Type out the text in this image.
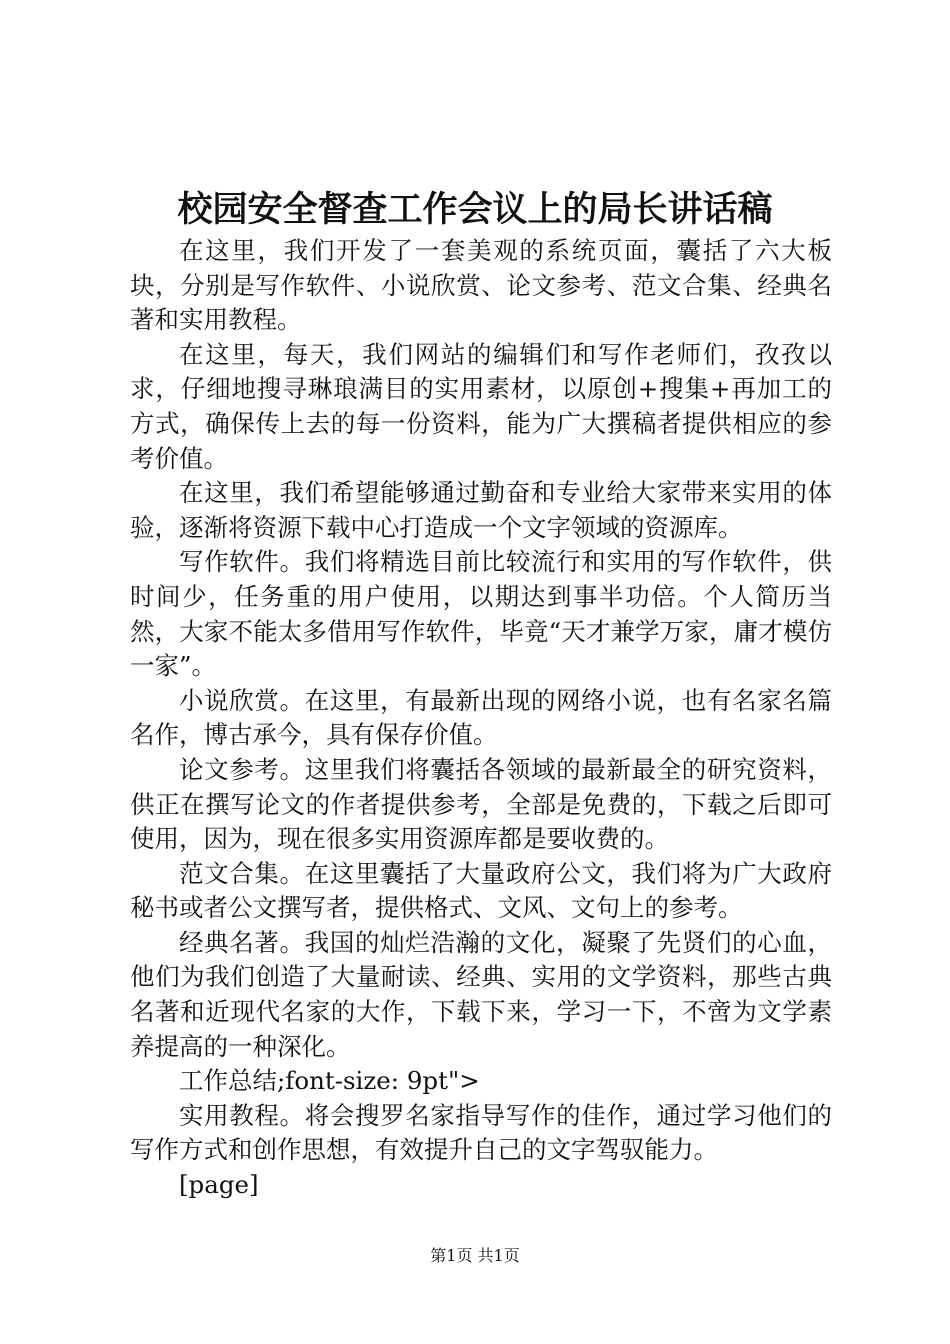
校园安全督查工作会议上的局长讲话稿

在这里，我们开发了一套美观的系统页面，囊括了六大板块，分别是写作软件、小说欣赏、论文参考、范文合集、经典名著和实用教程。

在这里，每天，我们网站的编辑们和写作老师们，孜孜以求，仔细地搜寻琳琅满目的实用素材，以原创+搜集+再加工的方式，确保传上去的每一份资料，能为广大撰稿者提供相应的参考价值。

在这里，我们希望能够通过勤奋和专业给大家带来实用的体验，逐渐将资源下载中心打造成一个文字领域的资源库。

写作软件。我们将精选目前比较流行和实用的写作软件，供时间少，任务重的用户使用，以期达到事半功倍。个人简历当然，大家不能太多借用写作软件，毕竟“天才兼学万家，庸才模仿一家”。

小说欣赏。在这里，有最新出现的网络小说，也有名家名篇名作，博古承今，具有保存价值。

论文参考。这里我们将囊括各领域的最新最全的研究资料，供正在撰写论文的作者提供参考，全部是免费的，下载之后即可使用，因为，现在很多实用资源库都是要收费的。

范文合集。在这里囊括了大量政府公文，我们将为广大政府秘书或者公文撰写者，提供格式、文风、文句上的参考。

经典名著。我国的灿烂浩瀚的文化，凝聚了先贤们的心血，他们为我们创造了大量耐读、经典、实用的文学资料，那些古典名著和近现代名家的大作，下载下来，学习一下，不啻为文学素养提高的一种深化。

工作总结;font-size: 9pt">

实用教程。将会搜罗名家指导写作的佳作，通过学习他们的写作方式和创作思想，有效提升自己的文字驾驭能力。

[page]

第1页 共1页
